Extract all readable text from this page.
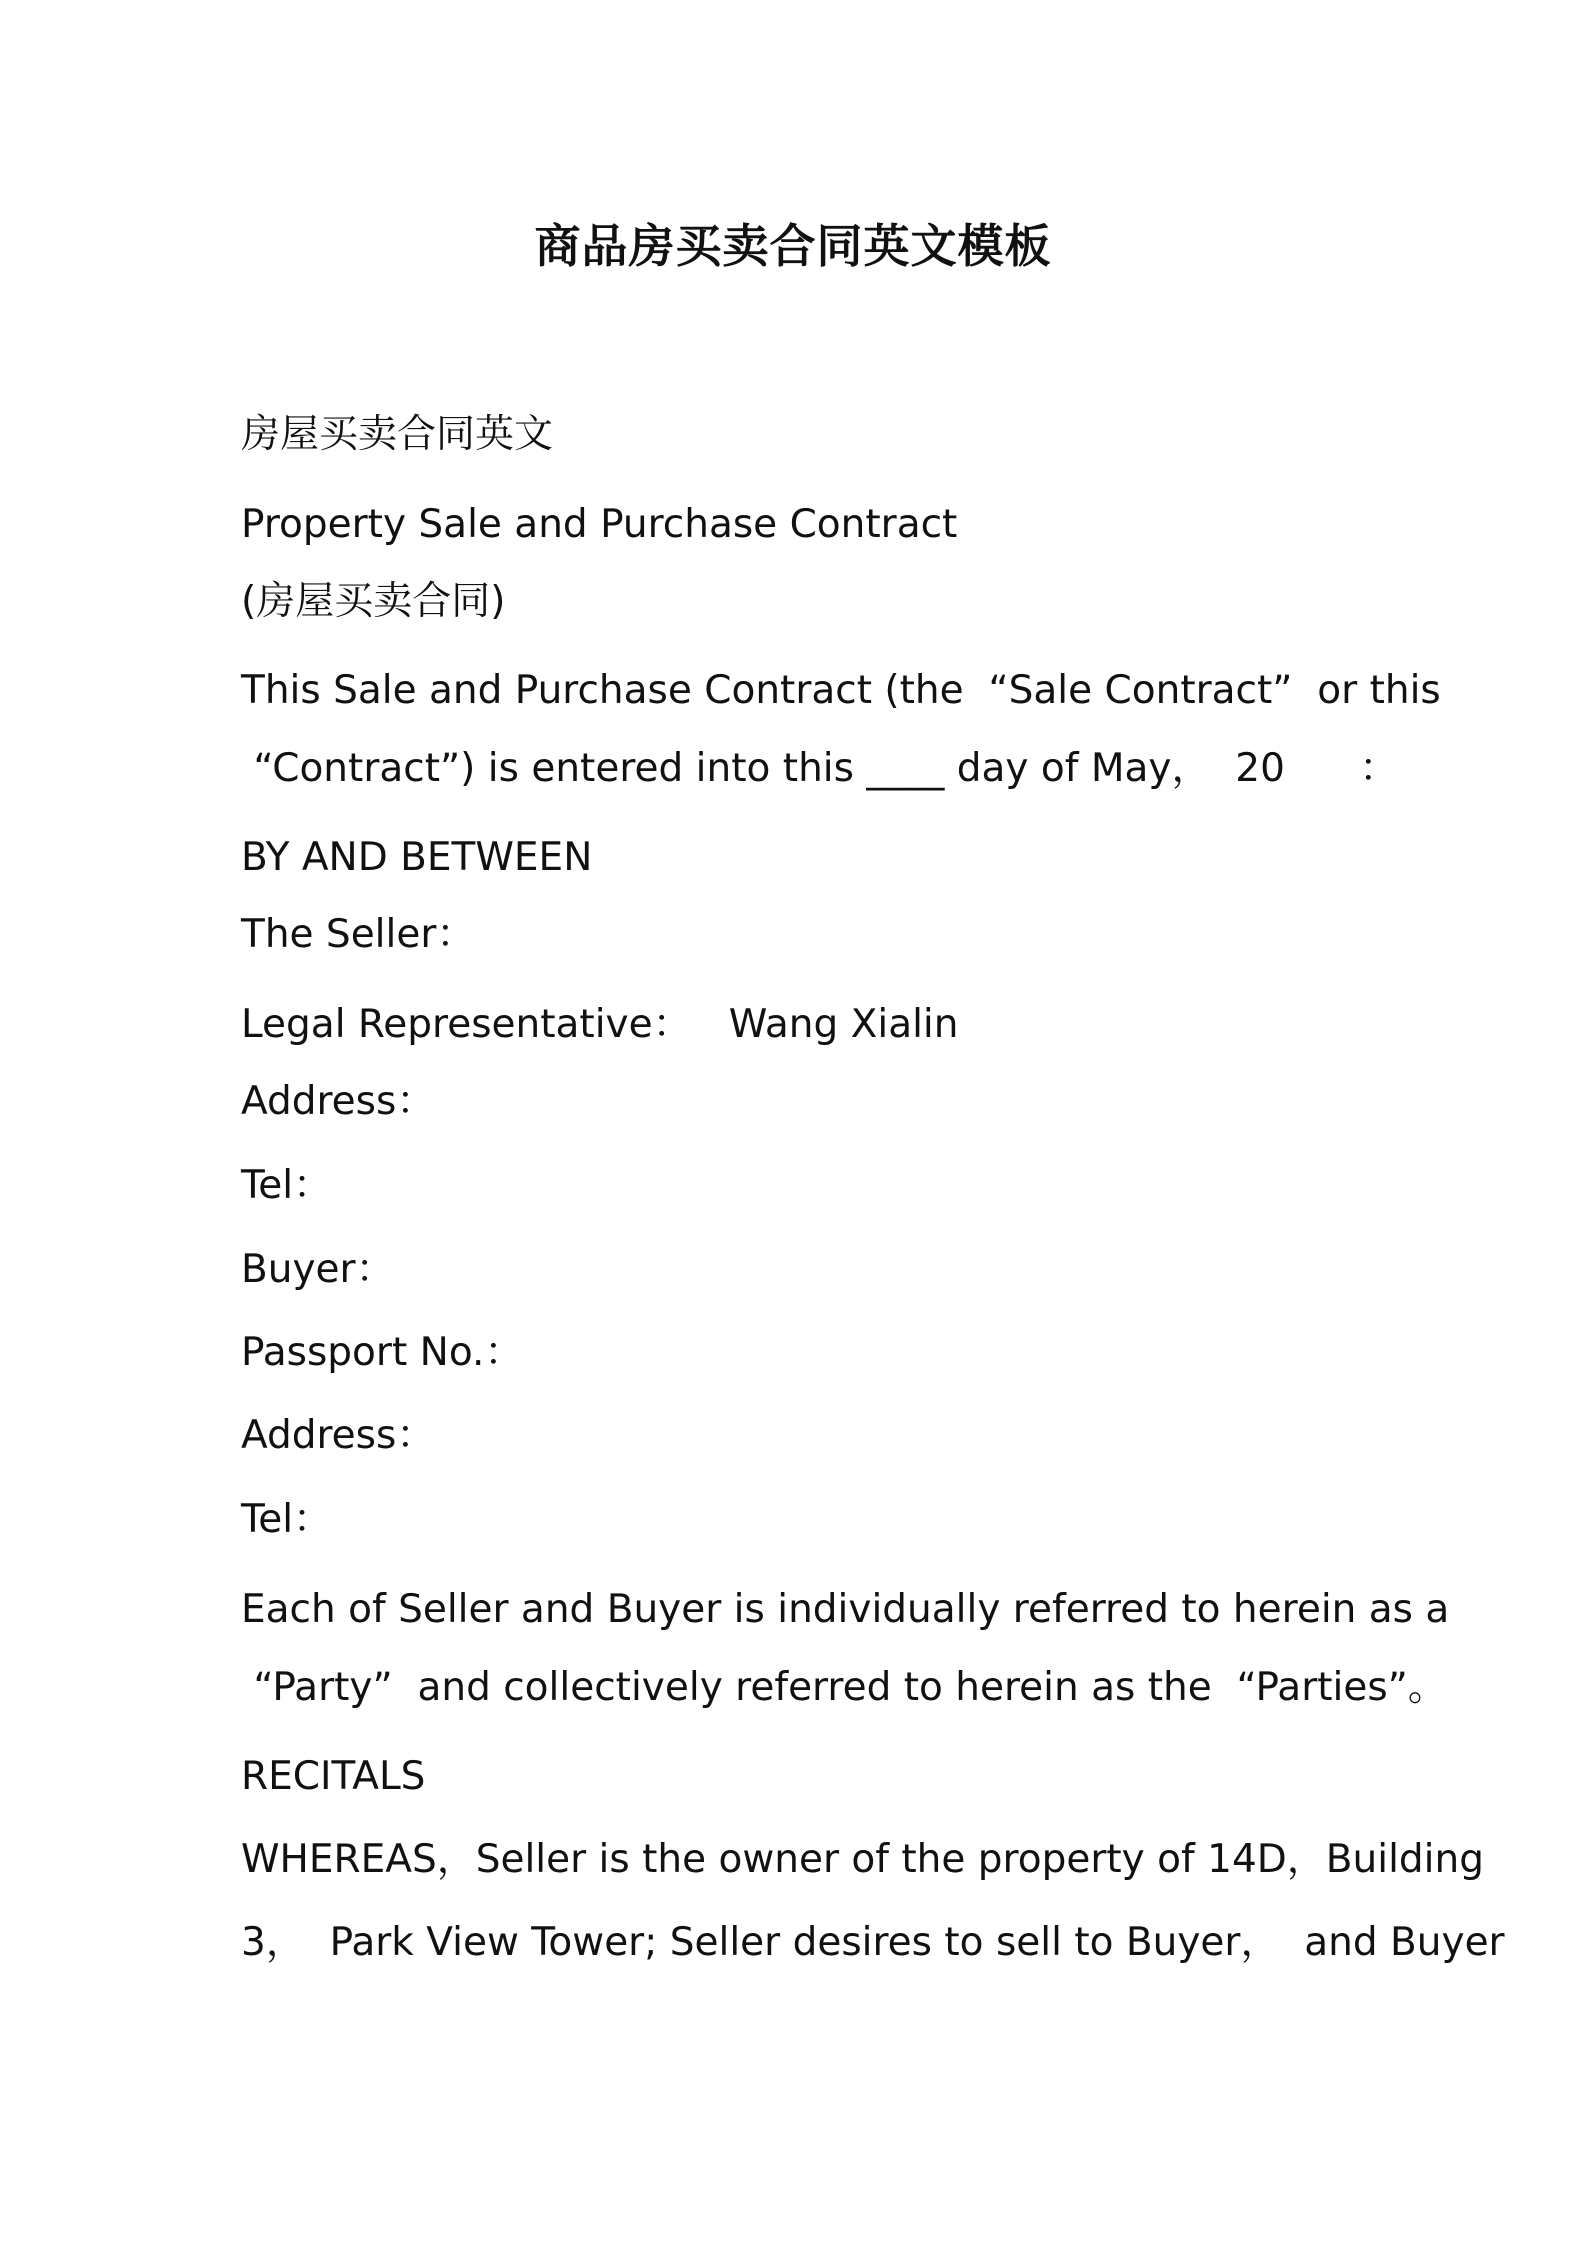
商品房买卖合同英文模板
房屋买卖合同英文
Property Sale and Purchase Contract
(房屋买卖合同)
This Sale and Purchase Contract (the  “Sale Contract”  or this
“Contract”) is entered into this ____ day of May，  20      ：
BY AND BETWEEN
The Seller：
Legal Representative：   Wang Xialin
Address：
Tel：
Buyer：
Passport No.：
Address：
Tel：
Each of Seller and Buyer is individually referred to herein as a
“Party”  and collectively referred to herein as the  “Parties”。
RECITALS
WHEREAS，Seller is the owner of the property of 14D，Building
3，  Park View Tower; Seller desires to sell to Buyer，  and Buyer
